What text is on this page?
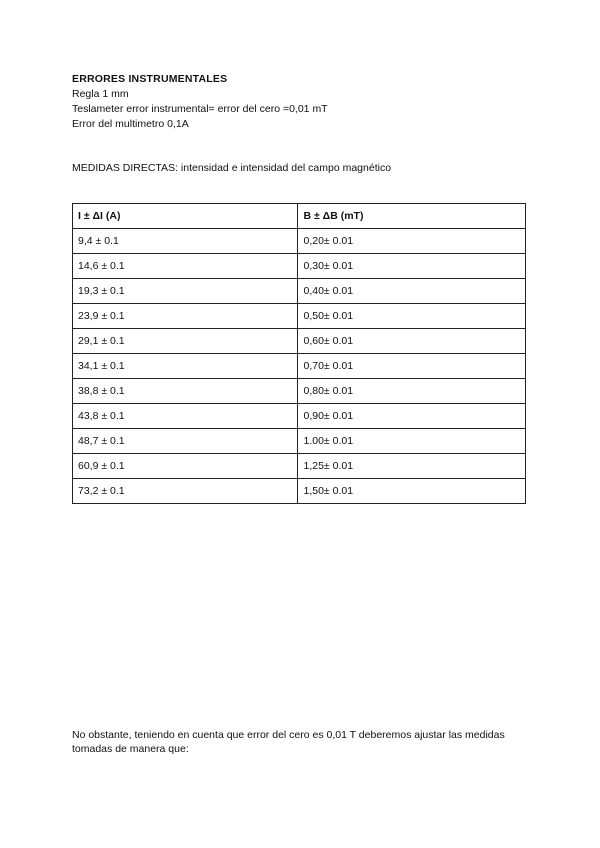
ERRORES INSTRUMENTALES
Regla 1 mm
Teslameter error instrumental= error del cero =0,01 mT
Error del multimetro 0,1A
MEDIDAS DIRECTAS: intensidad e intensidad del campo magnético
I ± ΔI (A)	B ± ΔB (mT)
9,4 ± 0.1	0,20± 0.01
14,6 ± 0.1	0,30± 0.01
19,3 ± 0.1	0,40± 0.01
23,9 ± 0.1	0,50± 0.01
29,1 ± 0.1	0,60± 0.01
34,1 ± 0.1	0,70± 0.01
38,8 ± 0.1	0,80± 0.01
43,8 ± 0.1	0,90± 0.01
48,7 ± 0.1	1.00± 0.01
60,9 ± 0.1	1,25± 0.01
73,2 ± 0.1	1,50± 0.01
No obstante, teniendo en cuenta que error del cero es 0,01 T deberemos ajustar las medidas tomadas de manera que:
